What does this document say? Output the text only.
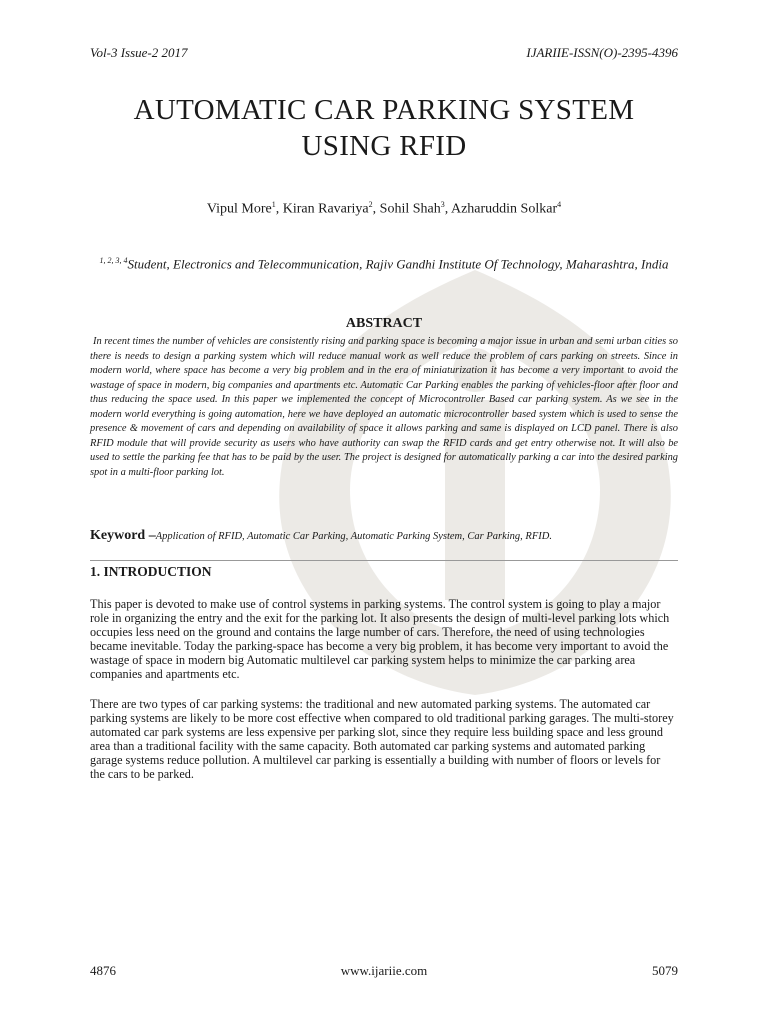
Vol-3 Issue-2 2017	IJARIIE-ISSN(O)-2395-4396
AUTOMATIC CAR PARKING SYSTEM
USING RFID
Vipul More$^1$, Kiran Ravariya$^2$, Sohil Shah$^3$, Azharuddin Solkar$^4$
$^{1, 2, 3, 4}$Student, Electronics and Telecommunication, Rajiv Gandhi Institute Of Technology, Maharashtra, India
ABSTRACT
In recent times the number of vehicles are consistently rising and parking space is becoming a major issue in urban and semi urban cities so there is needs to design a parking system which will reduce manual work as well reduce the problem of cars parking on streets. Since in modern world, where space has become a very big problem and in the era of miniaturization it has become a very important to avoid the wastage of space in modern, big companies and apartments etc. Automatic Car Parking enables the parking of vehicles-floor after floor and thus reducing the space used. In this paper we implemented the concept of Microcontroller Based car parking system. As we see in the modern world everything is going automation, here we have deployed an automatic microcontroller based system which is used to sense the presence & movement of cars and depending on availability of space it allows parking and same is displayed on LCD panel. There is also RFID module that will provide security as users who have authority can swap the RFID cards and get entry otherwise not. It will also be used to settle the parking fee that has to be paid by the user. The project is designed for automatically parking a car into the desired parking spot in a multi-floor parking lot.
Keyword –Application of RFID, Automatic Car Parking, Automatic Parking System, Car Parking, RFID.
1. INTRODUCTION
This paper is devoted to make use of control systems in parking systems. The control system is going to play a major role in organizing the entry and the exit for the parking lot. It also presents the design of multi-level parking lots which occupies less need on the ground and contains the large number of cars. Therefore, the need of using technologies became inevitable. Today the parking-space has become a very big problem, it has become very important to avoid the wastage of space in modern big Automatic multilevel car parking system helps to minimize the car parking area companies and apartments etc.
There are two types of car parking systems: the traditional and new automated parking systems. The automated car parking systems are likely to be more cost effective when compared to old traditional parking garages. The multi-storey automated car park systems are less expensive per parking slot, since they require less building space and less ground area than a traditional facility with the same capacity. Both automated car parking systems and automated parking garage systems reduce pollution. A multilevel car parking is essentially a building with number of floors or levels for the cars to be parked.
4876	www.ijariie.com	5079
